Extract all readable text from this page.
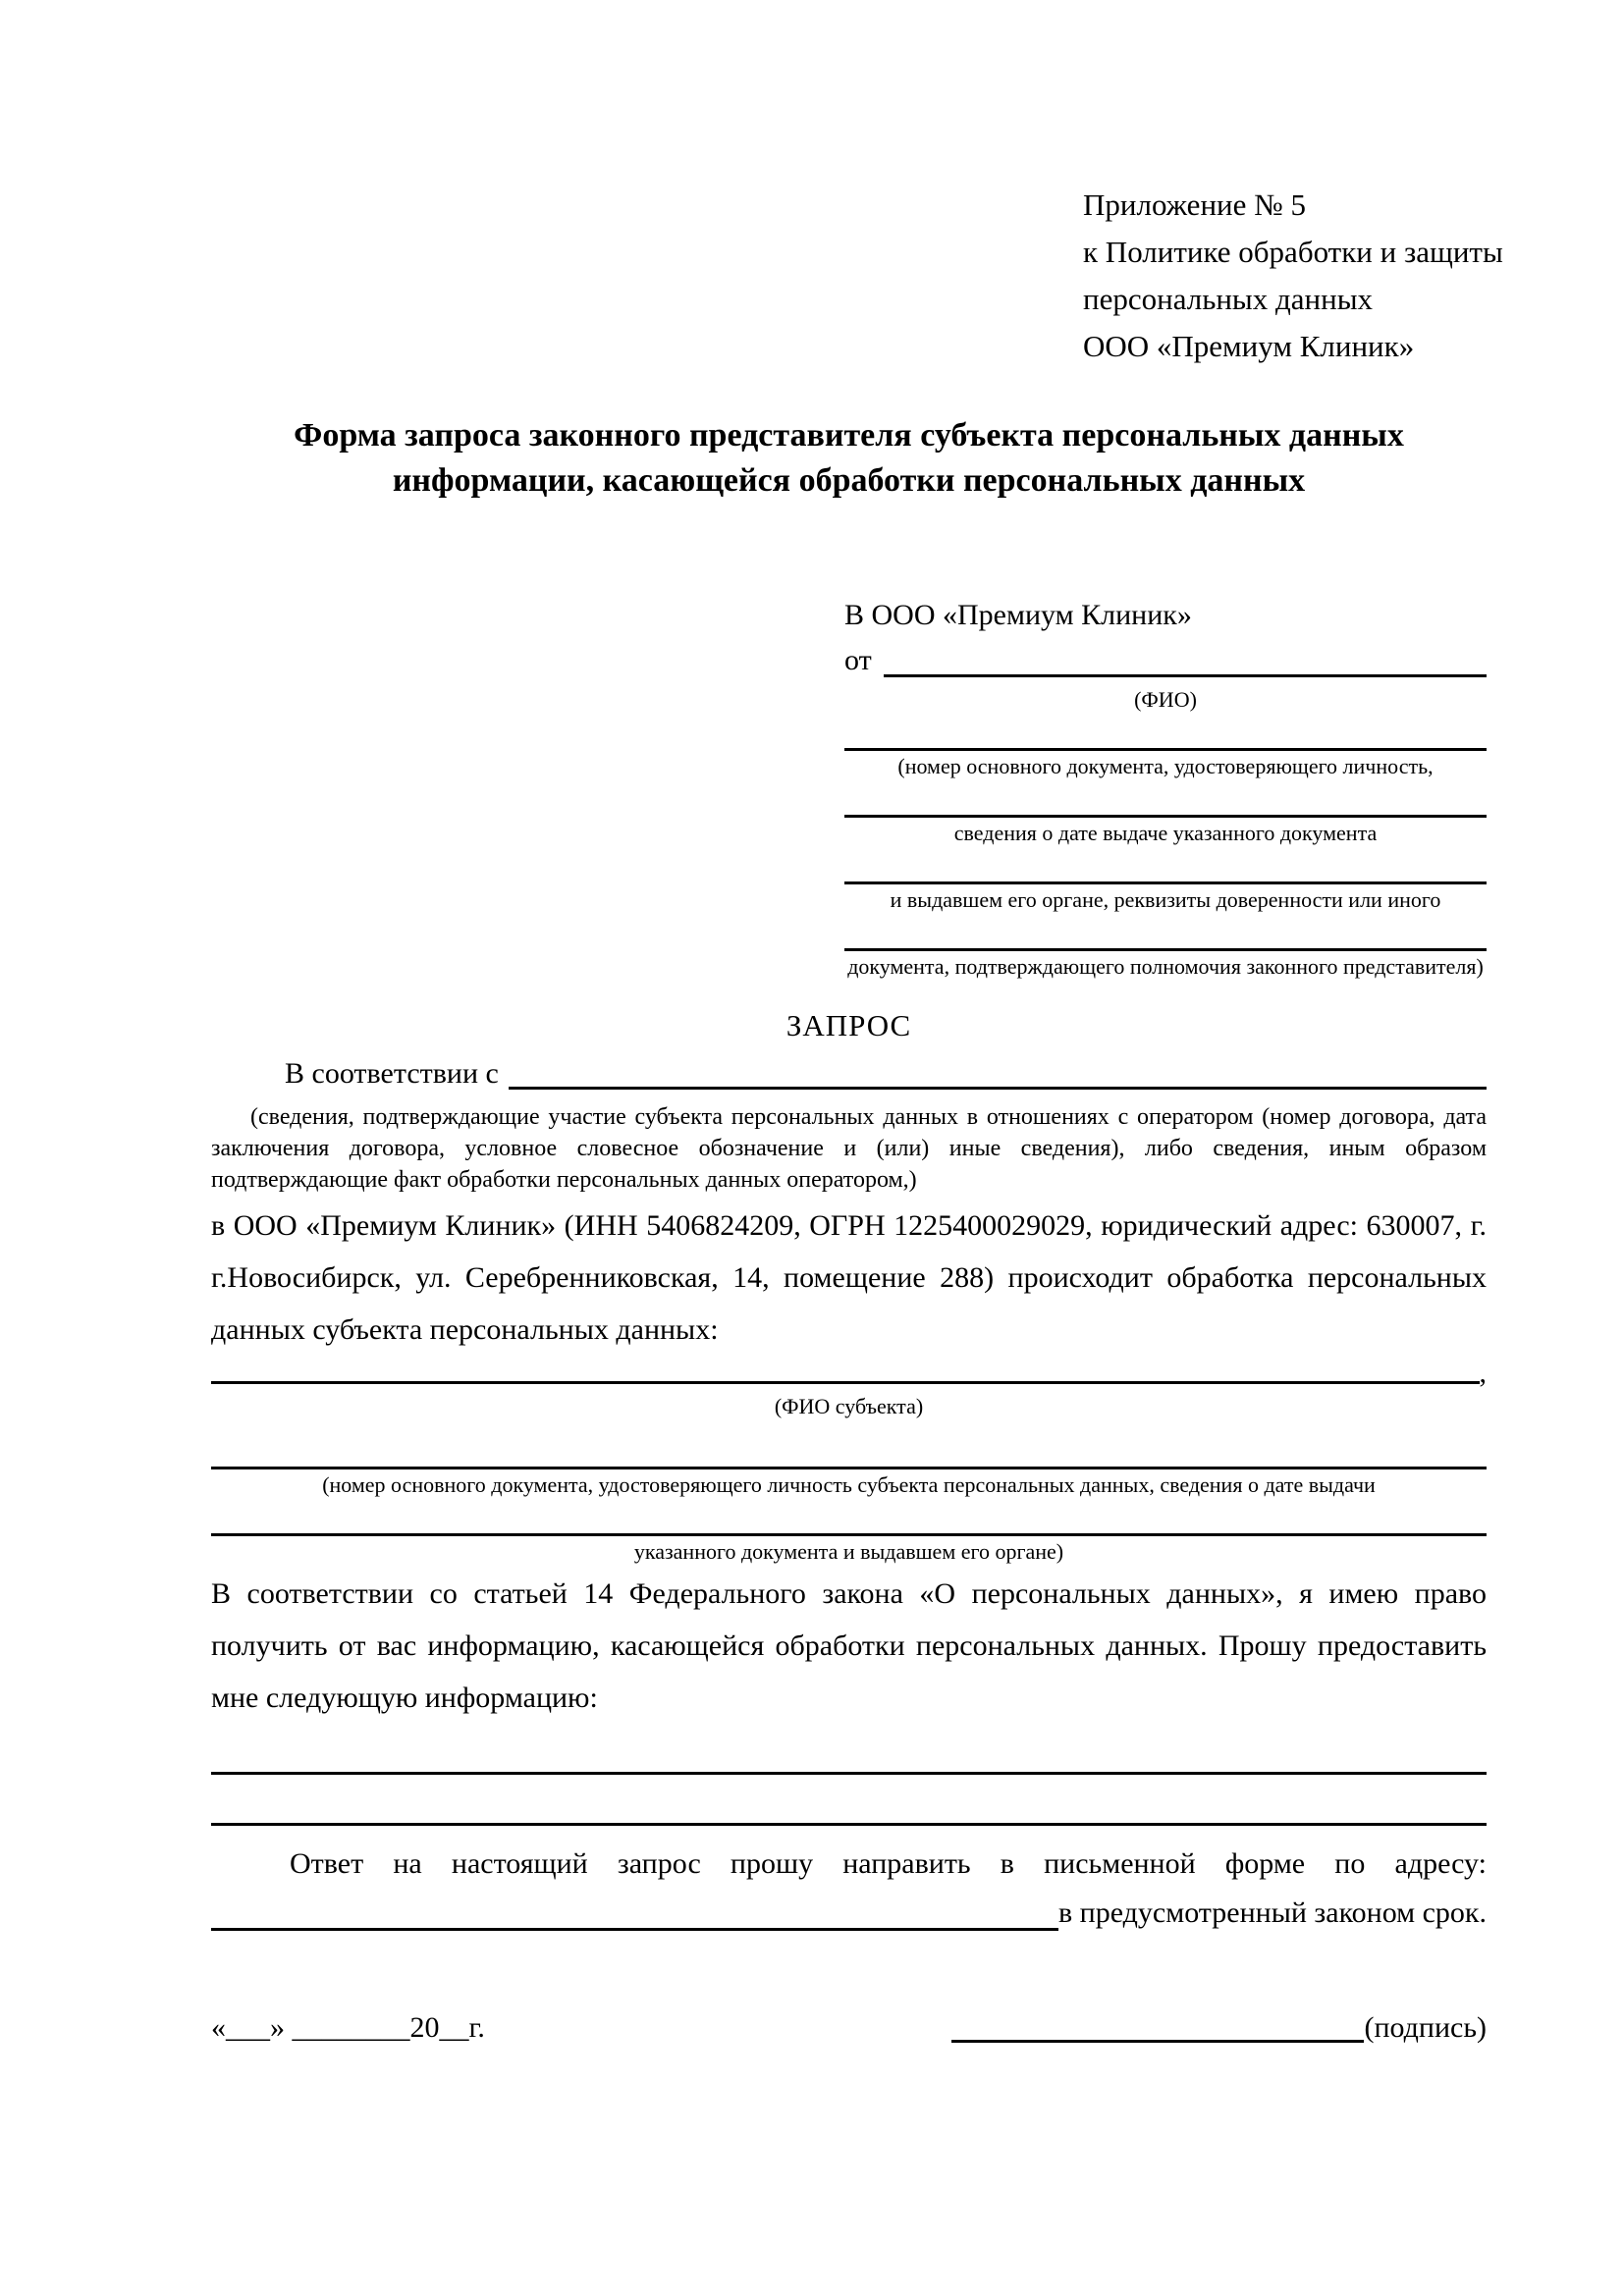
Приложение № 5
к Политике обработки и защиты
персональных данных
ООО «Премиум Клиник»
Форма запроса законного представителя субъекта персональных данных
информации, касающейся обработки персональных данных
В ООО «Премиум Клиник»
от
(ФИО)
(номер основного документа, удостоверяющего личность,
сведения о дате выдаче указанного документа
и выдавшем его органе, реквизиты доверенности или иного
документа, подтверждающего полномочия законного представителя)
ЗАПРОС
В соответствии с
(сведения, подтверждающие участие субъекта персональных данных в отношениях с оператором (номер договора, дата заключения договора, условное словесное обозначение и (или) иные сведения), либо сведения, иным образом подтверждающие факт обработки персональных данных оператором,)

в ООО «Премиум Клиник» (ИНН 5406824209, ОГРН 1225400029029, юридический адрес: 630007, г. г.Новосибирск, ул. Серебренниковская, 14, помещение 288) происходит обработка персональных данных субъекта персональных данных:

,
(ФИО субъекта)
(номер основного документа, удостоверяющего личность субъекта персональных данных, сведения о дате выдачи
указанного документа и выдавшем его органе)

В соответствии со статьей 14 Федерального закона «О персональных данных», я имею право получить от вас информацию, касающейся обработки персональных данных. Прошу предоставить мне следующую информацию:

Ответ на настоящий запрос прошу направить в письменной форме по адресу:
в предусмотренный законом срок.
«___» ________20__г.	(подпись)
